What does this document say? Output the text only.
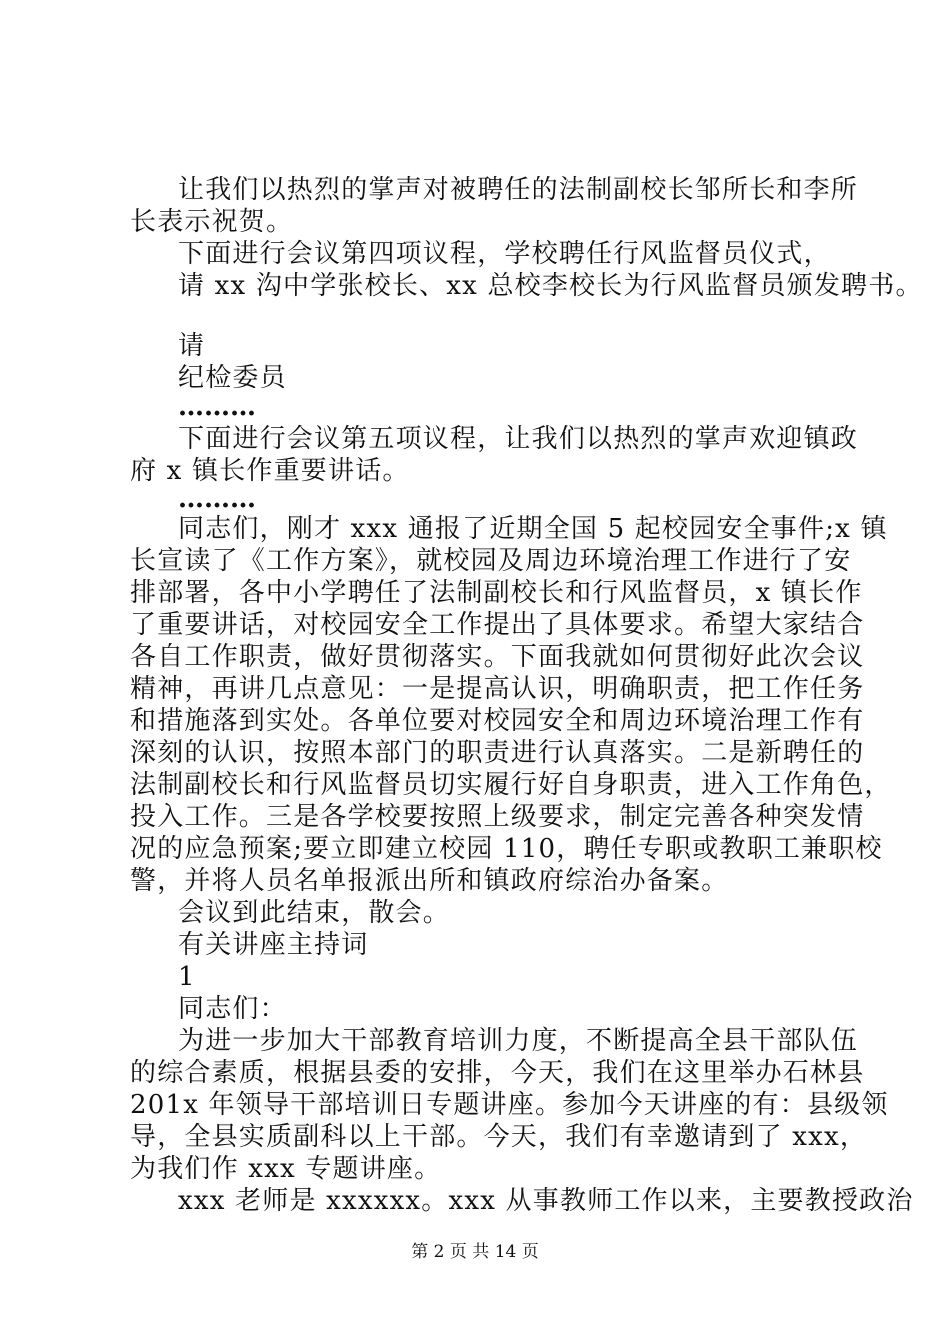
让我们以热烈的掌声对被聘任的法制副校长邹所长和李所
长表示祝贺。
下面进行会议第四项议程，学校聘任行风监督员仪式，
请 xx 沟中学张校长、xx 总校李校长为行风监督员颁发聘书。
请
纪检委员
………
下面进行会议第五项议程，让我们以热烈的掌声欢迎镇政
府 x 镇长作重要讲话。
………
同志们，刚才 xxx 通报了近期全国 5 起校园安全事件;x 镇
长宣读了《工作方案》，就校园及周边环境治理工作进行了安
排部署，各中小学聘任了法制副校长和行风监督员，x 镇长作
了重要讲话，对校园安全工作提出了具体要求。希望大家结合
各自工作职责，做好贯彻落实。下面我就如何贯彻好此次会议
精神，再讲几点意见：一是提高认识，明确职责，把工作任务
和措施落到实处。各单位要对校园安全和周边环境治理工作有
深刻的认识，按照本部门的职责进行认真落实。二是新聘任的
法制副校长和行风监督员切实履行好自身职责，进入工作角色，
投入工作。三是各学校要按照上级要求，制定完善各种突发情
况的应急预案;要立即建立校园 110，聘任专职或教职工兼职校
警，并将人员名单报派出所和镇政府综治办备案。
会议到此结束，散会。
有关讲座主持词
1
同志们：
为进一步加大干部教育培训力度，不断提高全县干部队伍
的综合素质，根据县委的安排，今天，我们在这里举办石林县
201x 年领导干部培训日专题讲座。参加今天讲座的有：县级领
导，全县实质副科以上干部。今天，我们有幸邀请到了 xxx，
为我们作 xxx 专题讲座。
xxx 老师是 xxxxxx。xxx 从事教师工作以来，主要教授政治
第 2 页 共 14 页
